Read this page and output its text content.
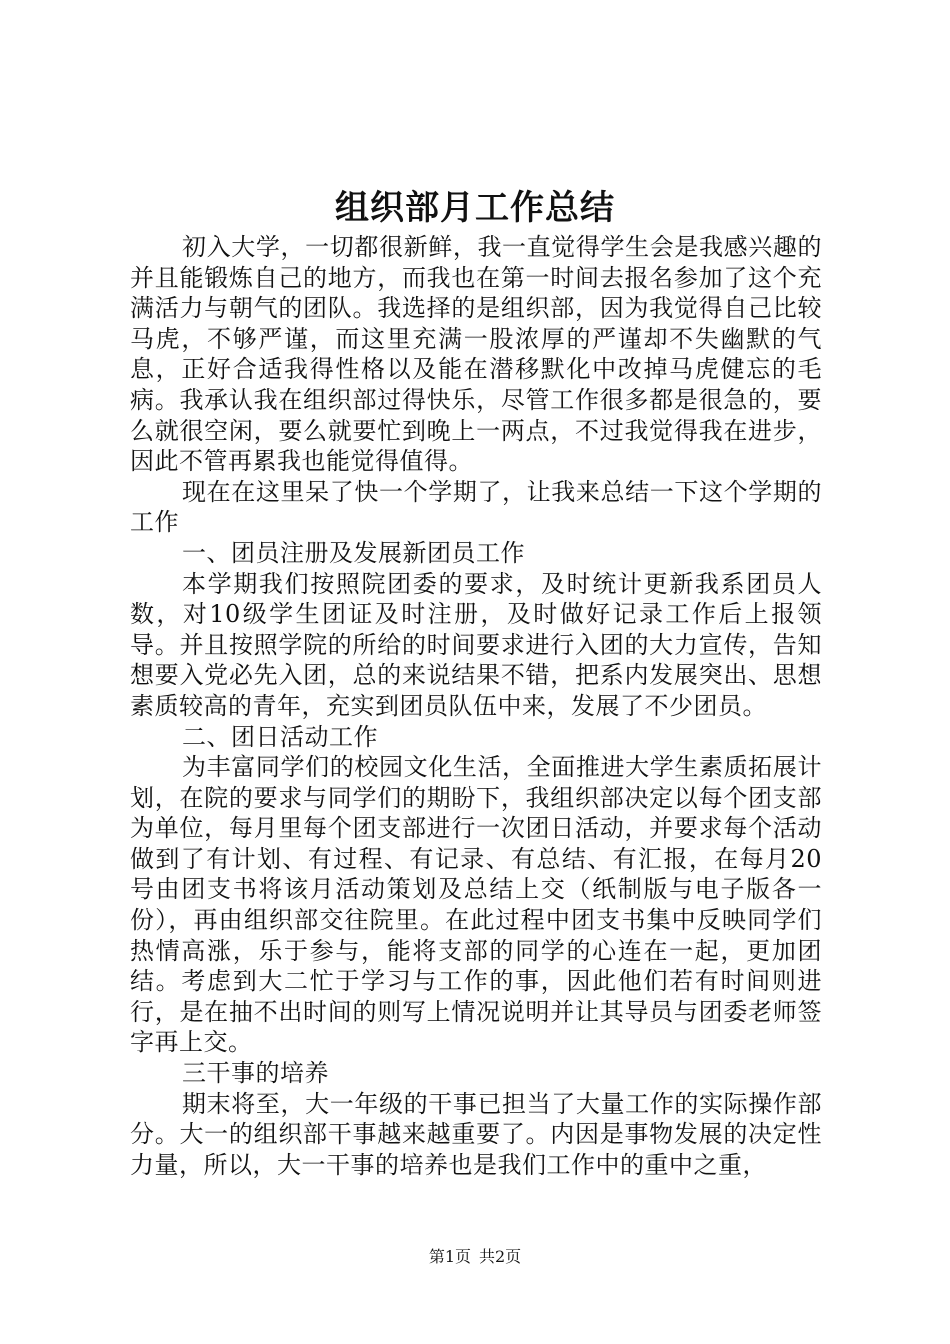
组织部月工作总结

初入大学，一切都很新鲜，我一直觉得学生会是我感兴趣的并且能锻炼自己的地方，而我也在第一时间去报名参加了这个充满活力与朝气的团队。我选择的是组织部，因为我觉得自己比较马虎，不够严谨，而这里充满一股浓厚的严谨却不失幽默的气息，正好合适我得性格以及能在潜移默化中改掉马虎健忘的毛病。我承认我在组织部过得快乐，尽管工作很多都是很急的，要么就很空闲，要么就要忙到晚上一两点，不过我觉得我在进步，因此不管再累我也能觉得值得。

现在在这里呆了快一个学期了，让我来总结一下这个学期的工作

一、团员注册及发展新团员工作

本学期我们按照院团委的要求，及时统计更新我系团员人数，对10级学生团证及时注册，及时做好记录工作后上报领导。并且按照学院的所给的时间要求进行入团的大力宣传，告知想要入党必先入团，总的来说结果不错，把系内发展突出、思想素质较高的青年，充实到团员队伍中来，发展了不少团员。

二、团日活动工作

为丰富同学们的校园文化生活，全面推进大学生素质拓展计划，在院的要求与同学们的期盼下，我组织部决定以每个团支部为单位，每月里每个团支部进行一次团日活动，并要求每个活动做到了有计划、有过程、有记录、有总结、有汇报，在每月20号由团支书将该月活动策划及总结上交（纸制版与电子版各一份），再由组织部交往院里。在此过程中团支书集中反映同学们热情高涨，乐于参与，能将支部的同学的心连在一起，更加团结。考虑到大二忙于学习与工作的事，因此他们若有时间则进行，是在抽不出时间的则写上情况说明并让其导员与团委老师签字再上交。

三干事的培养

期末将至，大一年级的干事已担当了大量工作的实际操作部分。大一的组织部干事越来越重要了。内因是事物发展的决定性力量，所以，大一干事的培养也是我们工作中的重中之重，

第1页 共2页
